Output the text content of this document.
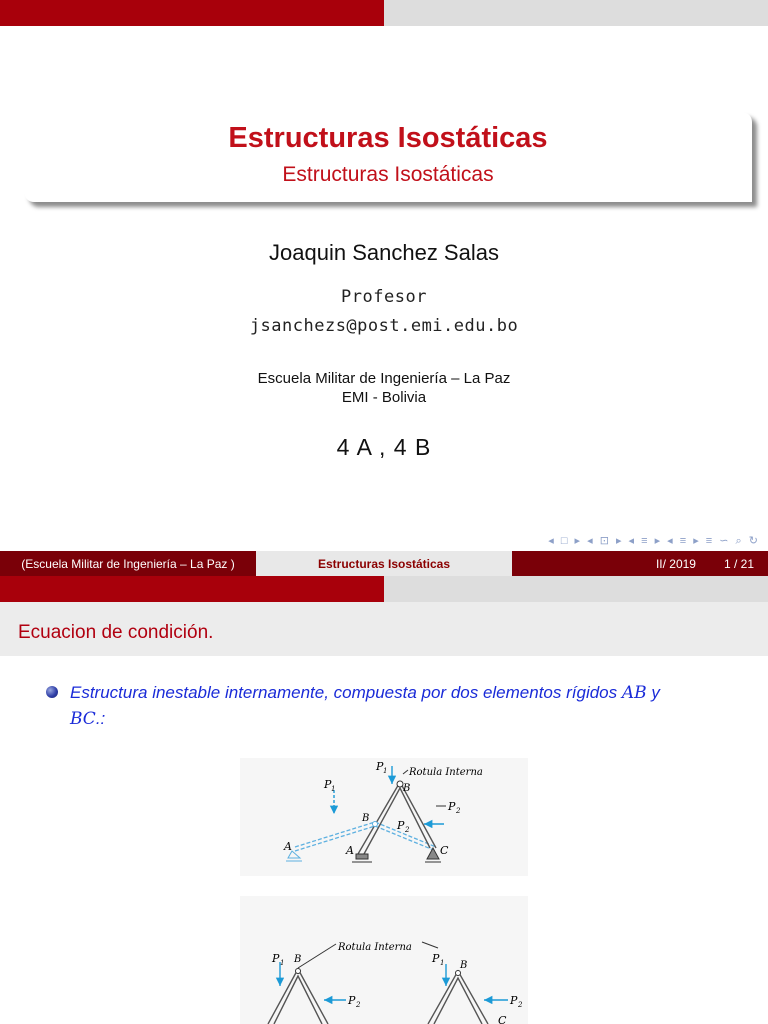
Estructuras Isostáticas
Estructuras Isostáticas
Joaquin Sanchez Salas
Profesor
jsanchezs@post.emi.edu.bo
Escuela Militar de Ingeniería – La Paz
EMI - Bolivia
4 A , 4 B
◂ □ ▸ ◂ ⊡ ▸ ◂ ≡ ▸ ◂ ≡ ▸ ≡ ∽ ⌕ ↻
(Escuela Militar de Ingeniería – La Paz )	Estructuras Isostáticas	II/ 2019 1 / 21
Ecuacion de condición.
Estructura inestable internamente, compuesta por dos elementos rígidos AB y
BC.:
P 1
P 1
Rotula Interna
B
B
P 2
P 2
A	A	C
Rotula Interna
P 1 B	P 1 B
P 2	P 2
C
